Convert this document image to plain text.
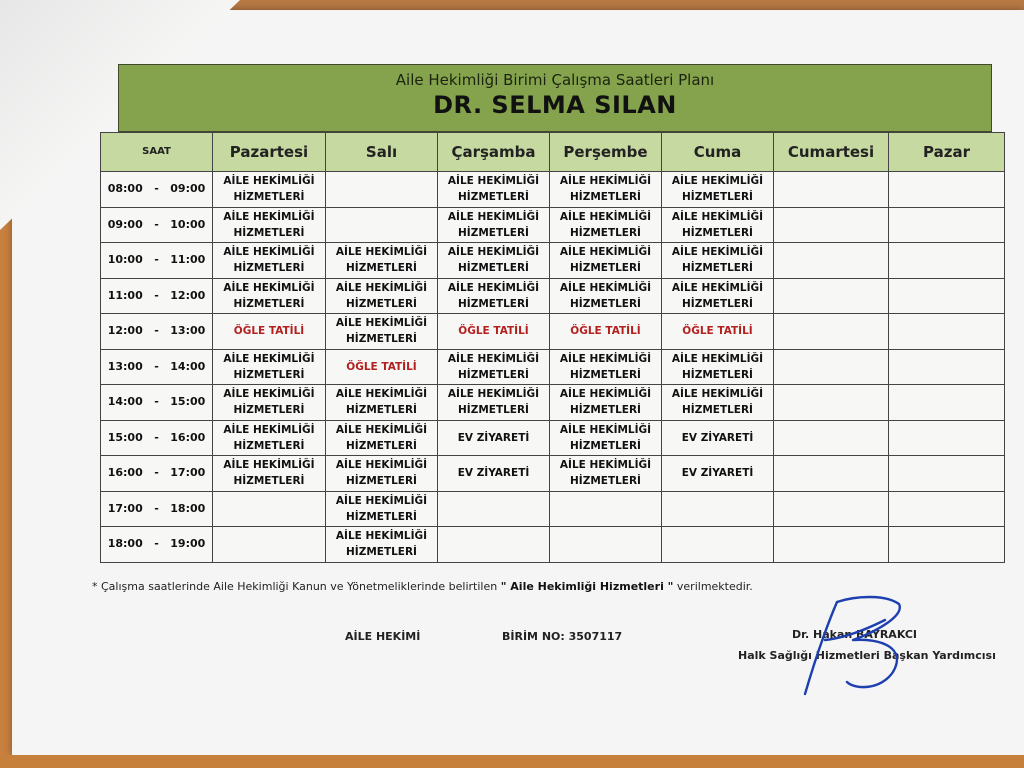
Aile Hekimliği Birimi Çalışma Saatleri Planı
DR. SELMA SILAN
SAAT	Pazartesi	Salı	Çarşamba	Perşembe	Cuma	Cumartesi	Pazar
08:00   -   09:00	AİLE HEKİMLİĞİ HİZMETLERİ		AİLE HEKİMLİĞİ HİZMETLERİ	AİLE HEKİMLİĞİ HİZMETLERİ	AİLE HEKİMLİĞİ HİZMETLERİ		
09:00   -   10:00	AİLE HEKİMLİĞİ HİZMETLERİ		AİLE HEKİMLİĞİ HİZMETLERİ	AİLE HEKİMLİĞİ HİZMETLERİ	AİLE HEKİMLİĞİ HİZMETLERİ		
10:00   -   11:00	AİLE HEKİMLİĞİ HİZMETLERİ	AİLE HEKİMLİĞİ HİZMETLERİ	AİLE HEKİMLİĞİ HİZMETLERİ	AİLE HEKİMLİĞİ HİZMETLERİ	AİLE HEKİMLİĞİ HİZMETLERİ		
11:00   -   12:00	AİLE HEKİMLİĞİ HİZMETLERİ	AİLE HEKİMLİĞİ HİZMETLERİ	AİLE HEKİMLİĞİ HİZMETLERİ	AİLE HEKİMLİĞİ HİZMETLERİ	AİLE HEKİMLİĞİ HİZMETLERİ		
12:00   -   13:00	ÖĞLE TATİLİ	AİLE HEKİMLİĞİ HİZMETLERİ	ÖĞLE TATİLİ	ÖĞLE TATİLİ	ÖĞLE TATİLİ		
13:00   -   14:00	AİLE HEKİMLİĞİ HİZMETLERİ	ÖĞLE TATİLİ	AİLE HEKİMLİĞİ HİZMETLERİ	AİLE HEKİMLİĞİ HİZMETLERİ	AİLE HEKİMLİĞİ HİZMETLERİ		
14:00   -   15:00	AİLE HEKİMLİĞİ HİZMETLERİ	AİLE HEKİMLİĞİ HİZMETLERİ	AİLE HEKİMLİĞİ HİZMETLERİ	AİLE HEKİMLİĞİ HİZMETLERİ	AİLE HEKİMLİĞİ HİZMETLERİ		
15:00   -   16:00	AİLE HEKİMLİĞİ HİZMETLERİ	AİLE HEKİMLİĞİ HİZMETLERİ	EV ZİYARETİ	AİLE HEKİMLİĞİ HİZMETLERİ	EV ZİYARETİ		
16:00   -   17:00	AİLE HEKİMLİĞİ HİZMETLERİ	AİLE HEKİMLİĞİ HİZMETLERİ	EV ZİYARETİ	AİLE HEKİMLİĞİ HİZMETLERİ	EV ZİYARETİ		
17:00   -   18:00		AİLE HEKİMLİĞİ HİZMETLERİ					
18:00   -   19:00		AİLE HEKİMLİĞİ HİZMETLERİ					
* Çalışma saatlerinde Aile Hekimliği Kanun ve Yönetmeliklerinde belirtilen " Aile Hekimliği Hizmetleri " verilmektedir.
AİLE HEKİMİ	BİRİM NO: 3507117	Dr. Hakan BAYRAKCI
Halk Sağlığı Hizmetleri Başkan Yardımcısı
